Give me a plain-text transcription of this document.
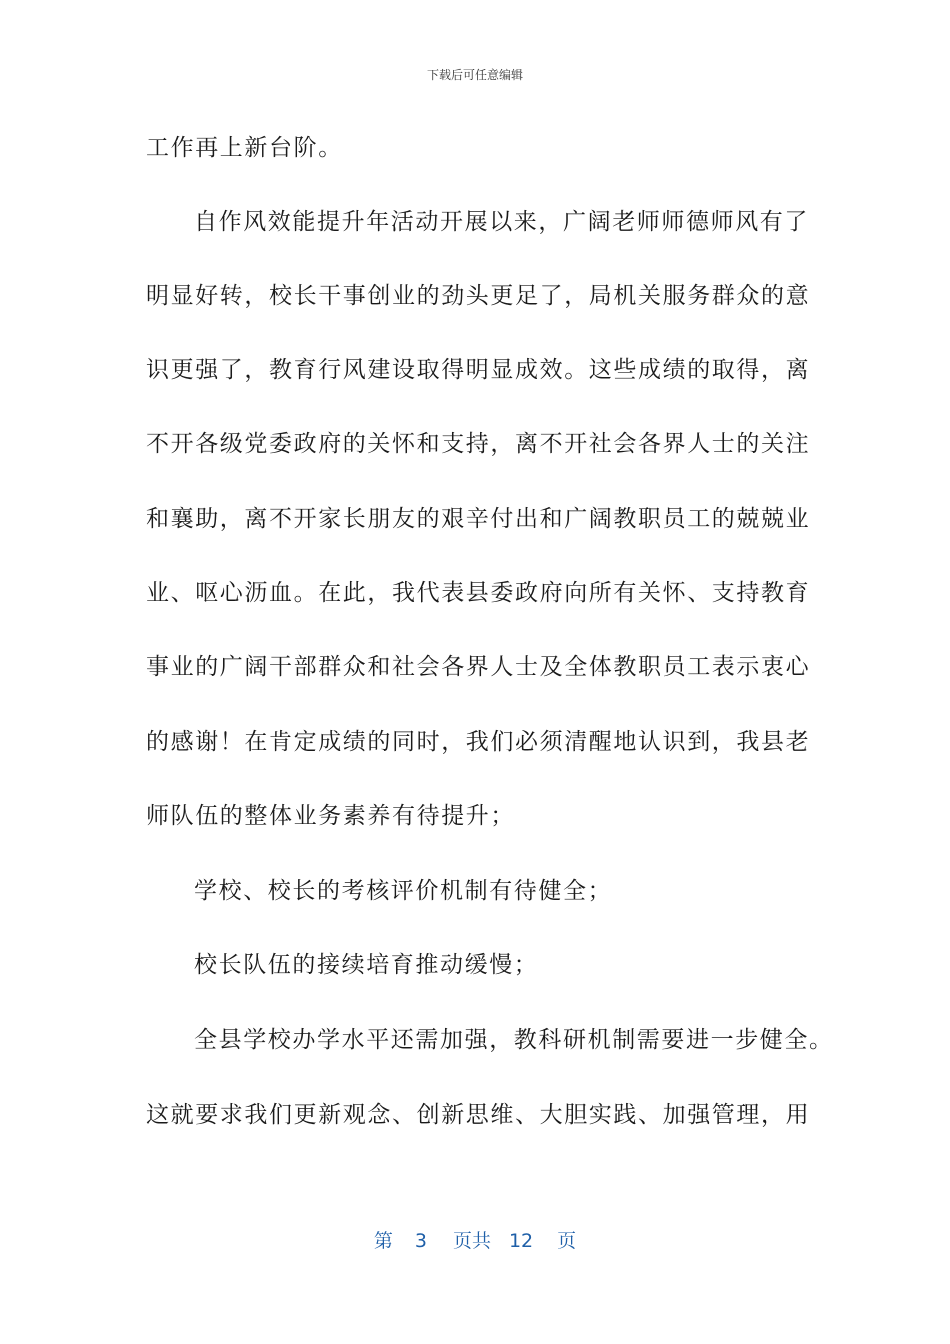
下载后可任意编辑
工作再上新台阶。
自作风效能提升年活动开展以来，广阔老师师德师风有了
明显好转，校长干事创业的劲头更足了，局机关服务群众的意
识更强了，教育行风建设取得明显成效。这些成绩的取得，离
不开各级党委政府的关怀和支持，离不开社会各界人士的关注
和襄助，离不开家长朋友的艰辛付出和广阔教职员工的兢兢业
业、呕心沥血。在此，我代表县委政府向所有关怀、支持教育
事业的广阔干部群众和社会各界人士及全体教职员工表示衷心
的感谢！在肯定成绩的同时，我们必须清醒地认识到，我县老
师队伍的整体业务素养有待提升；
学校、校长的考核评价机制有待健全；
校长队伍的接续培育推动缓慢；
全县学校办学水平还需加强，教科研机制需要进一步健全。
这就要求我们更新观念、创新思维、大胆实践、加强管理，用
第 3 页共 12 页
